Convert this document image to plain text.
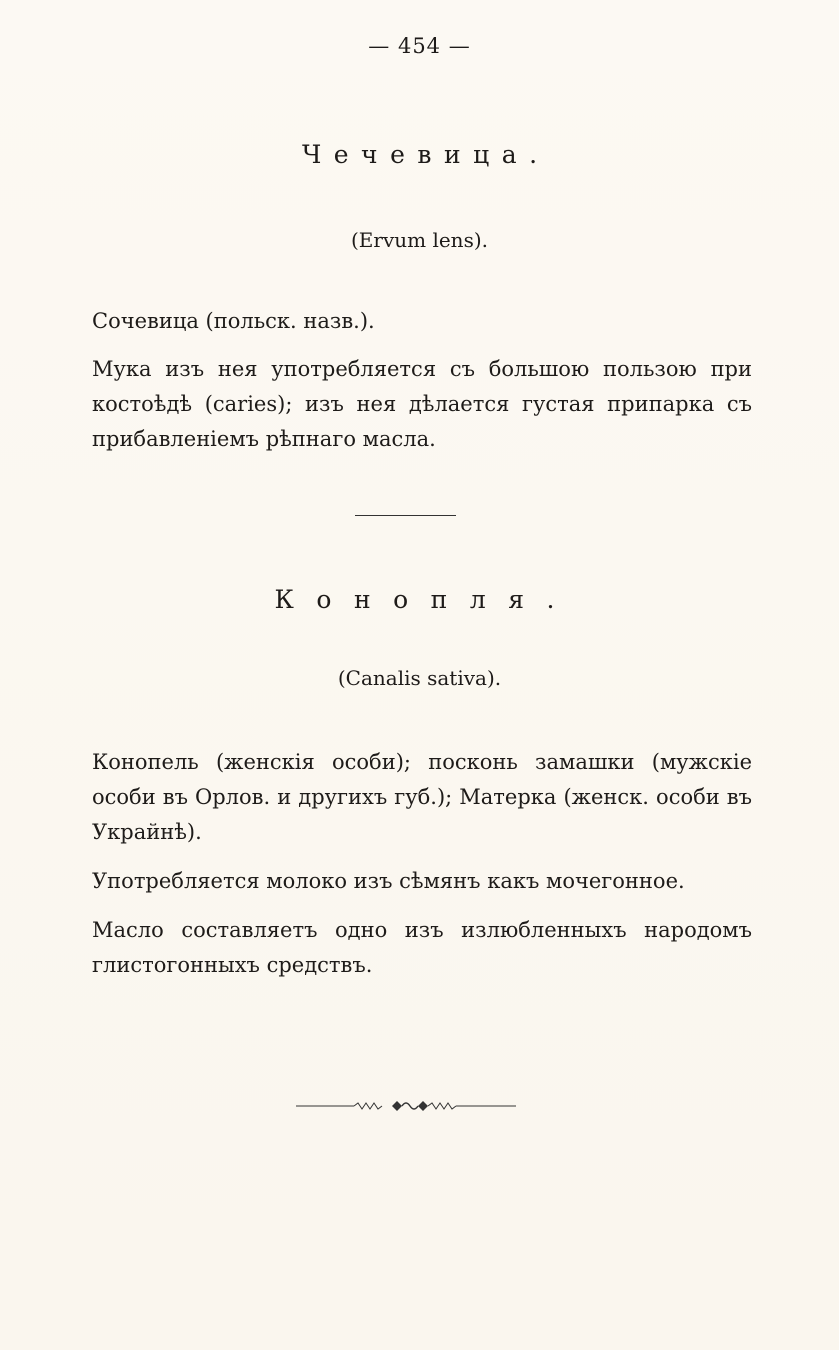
— 454 —
Чечевица.
(Ervum lens).

Сочевица (польск. назв.).

Мука изъ нея употребляется съ большою пользою при костоѣдѣ (caries); изъ нея дѣлается густая припарка съ прибавленіемъ рѣпнаго масла.

Конопля.
(Canalis sativa).

Конопель (женскія особи); посконь замашки (мужскіе особи въ Орлов. и другихъ губ.); Матерка (женск. особи въ Украйнѣ).

Употребляется молоко изъ сѣмянъ какъ мочегонное.

Масло составляетъ одно изъ излюбленныхъ народомъ глистогонныхъ средствъ.
